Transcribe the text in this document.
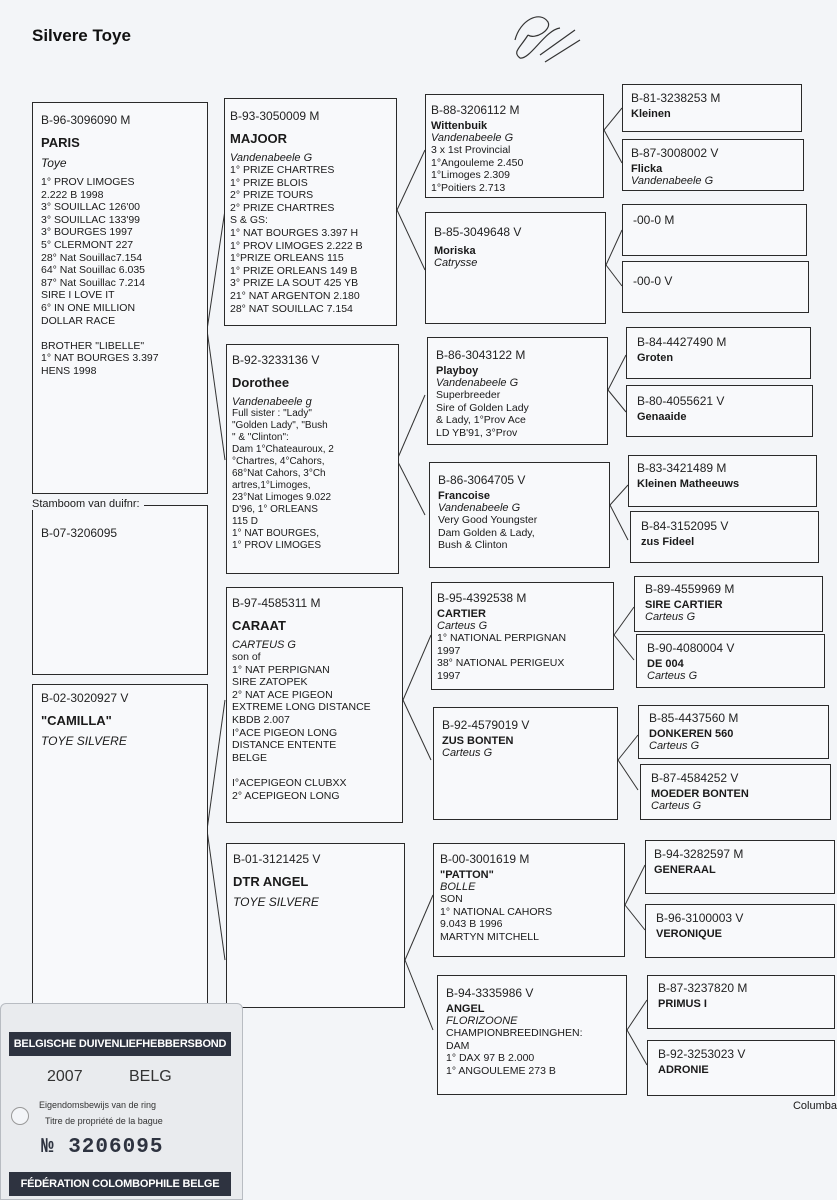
Silvere Toye
B-96-3096090 M
PARIS
Toye
1° PROV LIMOGES
2.222 B 1998
3° SOUILLAC 126'00
3° SOUILLAC 133'99
3° BOURGES 1997
5° CLERMONT 227
28° Nat Souillac7.154
64° Nat Souillac 6.035
87° Nat Souillac 7.214
SIRE I LOVE IT
6° IN ONE MILLION
DOLLAR RACE

BROTHER "LIBELLE"
1° NAT BOURGES 3.397
HENS 1998
B-07-3206095
Stamboom van duifnr:
B-02-3020927 V
"CAMILLA"
TOYE SILVERE
B-93-3050009 M
MAJOOR
Vandenabeele G
1° PRIZE CHARTRES
1° PRIZE BLOIS
2° PRIZE TOURS
2° PRIZE CHARTRES
S & GS:
1° NAT BOURGES 3.397 H
1° PROV LIMOGES 2.222 B
1°PRIZE ORLEANS 115
1° PRIZE ORLEANS 149 B
3° PRIZE LA SOUT 425 YB
21° NAT ARGENTON 2.180
28° NAT SOUILLAC 7.154
B-92-3233136 V
Dorothee
Vandenabeele g
Full sister : "Lady"
"Golden Lady", "Bush
" & "Clinton":
Dam 1°Chateauroux, 2
°Chartres, 4°Cahors,
68°Nat Cahors, 3°Ch
artres,1°Limoges,
23°Nat Limoges 9.022
D'96, 1° ORLEANS
115 D
1° NAT BOURGES,
1° PROV LIMOGES
B-97-4585311 M
CARAAT
CARTEUS G
son of
1° NAT PERPIGNAN
SIRE ZATOPEK
2° NAT ACE PIGEON
EXTREME LONG DISTANCE
KBDB 2.007
I°ACE PIGEON LONG
DISTANCE ENTENTE
BELGE

I°ACEPIGEON CLUBXX
2° ACEPIGEON LONG
B-01-3121425 V
DTR ANGEL
TOYE SILVERE
B-88-3206112 M
Wittenbuik
Vandenabeele G
3 x 1st Provincial
1°Angouleme 2.450
1°Limoges 2.309
1°Poitiers 2.713
B-85-3049648 V
Moriska
Catrysse
B-86-3043122 M
Playboy
Vandenabeele G
Superbreeder
Sire of Golden Lady
& Lady, 1°Prov Ace
LD YB'91, 3°Prov
B-86-3064705 V
Francoise
Vandenabeele G
Very Good Youngster
Dam Golden & Lady,
Bush & Clinton
B-95-4392538 M
CARTIER
Carteus G
1° NATIONAL PERPIGNAN
1997
38° NATIONAL PERIGEUX
1997
B-92-4579019 V
ZUS BONTEN
Carteus G
B-00-3001619 M
"PATTON"
BOLLE
SON
1° NATIONAL CAHORS
9.043 B 1996
MARTYN MITCHELL
B-94-3335986 V
ANGEL
FLORIZOONE
CHAMPIONBREEDINGHEN:
DAM
1° DAX 97 B 2.000
1° ANGOULEME 273 B
B-81-3238253 M
Kleinen
B-87-3008002 V
Flicka
Vandenabeele G
-00-0 M
-00-0 V
B-84-4427490 M
Groten
B-80-4055621 V
Genaaide
B-83-3421489 M
Kleinen Matheeuws
B-84-3152095 V
zus Fideel
B-89-4559969 M
SIRE CARTIER
Carteus G
B-90-4080004 V
DE 004
Carteus G
B-85-4437560 M
DONKEREN 560
Carteus G
B-87-4584252 V
MOEDER BONTEN
Carteus G
B-94-3282597 M
GENERAAL
B-96-3100003 V
VERONIQUE
B-87-3237820 M
PRIMUS I
B-92-3253023 V
ADRONIE
Columba
BELGISCHE DUIVENLIEFHEBBERSBOND
2007	BELG
Eigendomsbewijs van de ring
Titre de propriété de la bague
№ 3206095
FÉDÉRATION COLOMBOPHILE BELGE
